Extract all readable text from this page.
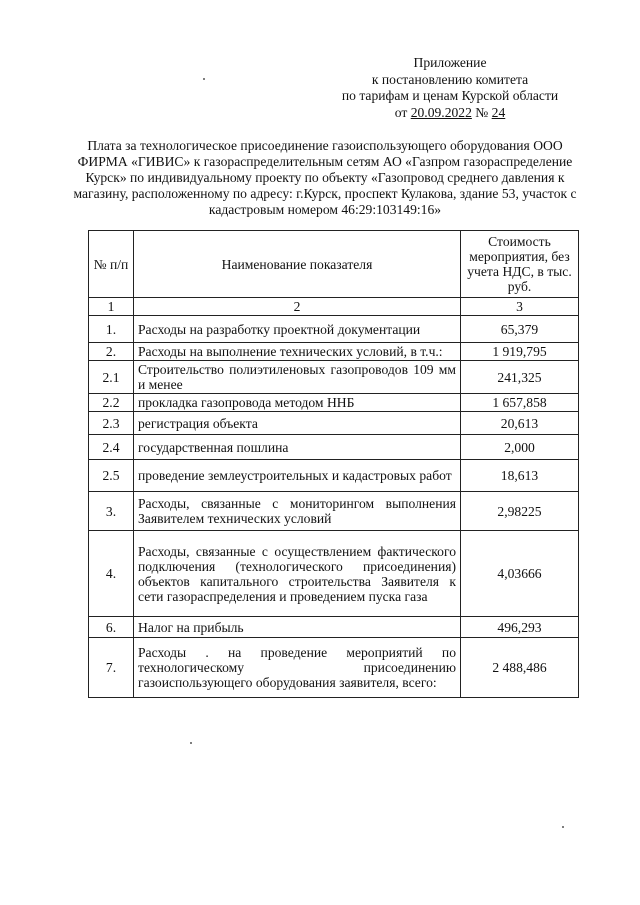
Приложение
к постановлению комитета
по тарифам и ценам Курской области
от 20.09.2022 № 24
Плата за технологическое присоединение газоиспользующего оборудования ООО ФИРМА «ГИВИС» к газораспределительным сетям АО «Газпром газораспределение Курск» по индивидуальному проекту по объекту «Газопровод среднего давления к магазину, расположенному по адресу: г.Курск, проспект Кулакова, здание 53, участок с кадастровым номером 46:29:103149:16»
№ п/п	Наименование показателя	Стоимость мероприятия, без учета НДС, в тыс. руб.
1	2	3
1.	Расходы на разработку проектной документации	65,379
2.	Расходы на выполнение технических условий, в т.ч.:	1 919,795
2.1	Строительство полиэтиленовых газопроводов 109 мм и менее	241,325
2.2	прокладка газопровода методом ННБ	1 657,858
2.3	регистрация объекта	20,613
2.4	государственная пошлина	2,000
2.5	проведение землеустроительных и кадастровых работ	18,613
3.	Расходы, связанные с мониторингом выполнения Заявителем технических условий	2,98225
4.	Расходы, связанные с осуществлением фактического подключения (технологического присоединения) объектов капитального строительства Заявителя к сети газораспределения и проведением пуска газа	4,03666
6.	Налог на прибыль	496,293
7.	Расходы . на проведение мероприятий по технологическому присоединению газоиспользующего оборудования заявителя, всего:	2 488,486
